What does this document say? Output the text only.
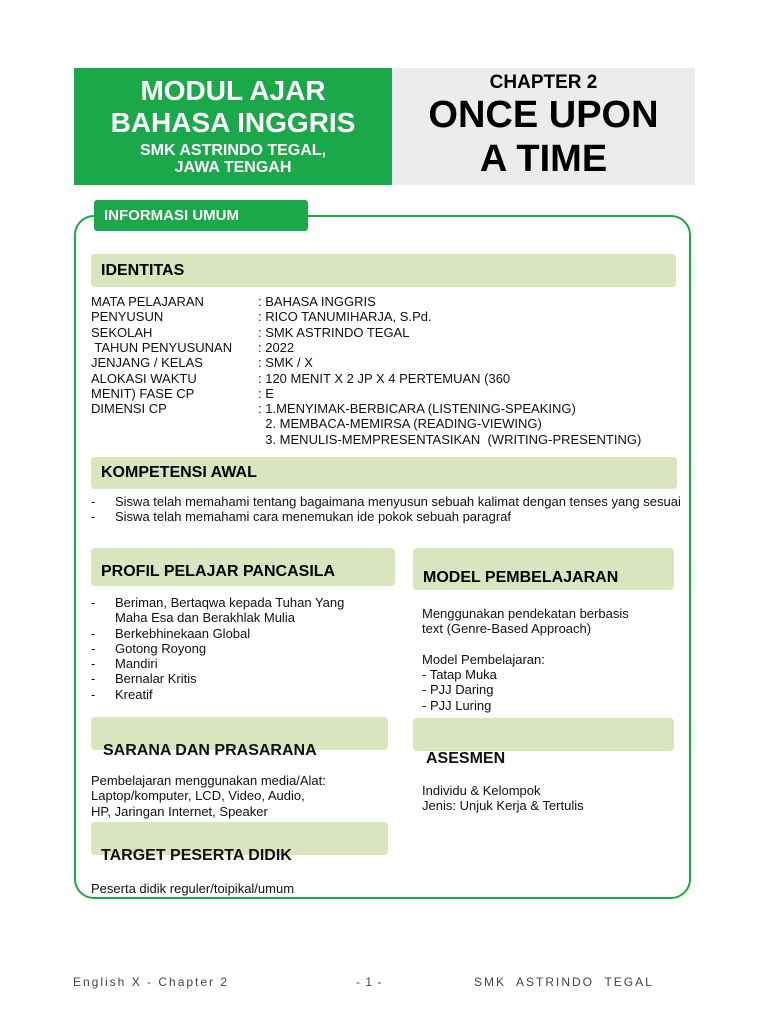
MODUL AJAR
BAHASA INGGRIS
SMK ASTRINDO TEGAL,
JAWA TENGAH
CHAPTER 2
ONCE UPON
A TIME
INFORMASI UMUM
IDENTITAS
MATA PELAJARAN	: BAHASA INGGRIS
PENYUSUN	: RICO TANUMIHARJA, S.Pd.
SEKOLAH	: SMK ASTRINDO TEGAL
TAHUN PENYUSUNAN : 2022
JENJANG / KELAS	: SMK / X
ALOKASI WAKTU	: 120 MENIT X 2 JP X 4 PERTEMUAN (360
MENIT) FASE CP	: E
DIMENSI CP	: 1.MENYIMAK-BERBICARA (LISTENING-SPEAKING)
2. MEMBACA-MEMIRSA (READING-VIEWING)
3. MENULIS-MEMPRESENTASIKAN  (WRITING-PRESENTING)
KOMPETENSI AWAL
- Siswa telah memahami tentang bagaimana menyusun sebuah kalimat dengan tenses yang sesuai
- Siswa telah memahami cara menemukan ide pokok sebuah paragraf
PROFIL PELAJAR PANCASILA
- Beriman, Bertaqwa kepada Tuhan Yang Maha Esa dan Berakhlak Mulia
- Berkebhinekaan Global
- Gotong Royong
- Mandiri
- Bernalar Kritis
- Kreatif
MODEL PEMBELAJARAN
Menggunakan pendekatan berbasis
text (Genre-Based Approach)
Model Pembelajaran:
- Tatap Muka
- PJJ Daring
- PJJ Luring
SARANA DAN PRASARANA
Pembelajaran menggunakan media/Alat:
Laptop/komputer, LCD, Video, Audio,
HP, Jaringan Internet, Speaker
ASESMEN
Individu & Kelompok
Jenis: Unjuk Kerja & Tertulis
TARGET PESERTA DIDIK
Peserta didik reguler/toipikal/umum
English X - Chapter 2	- 1 -	SMK  ASTRINDO  TEGAL
